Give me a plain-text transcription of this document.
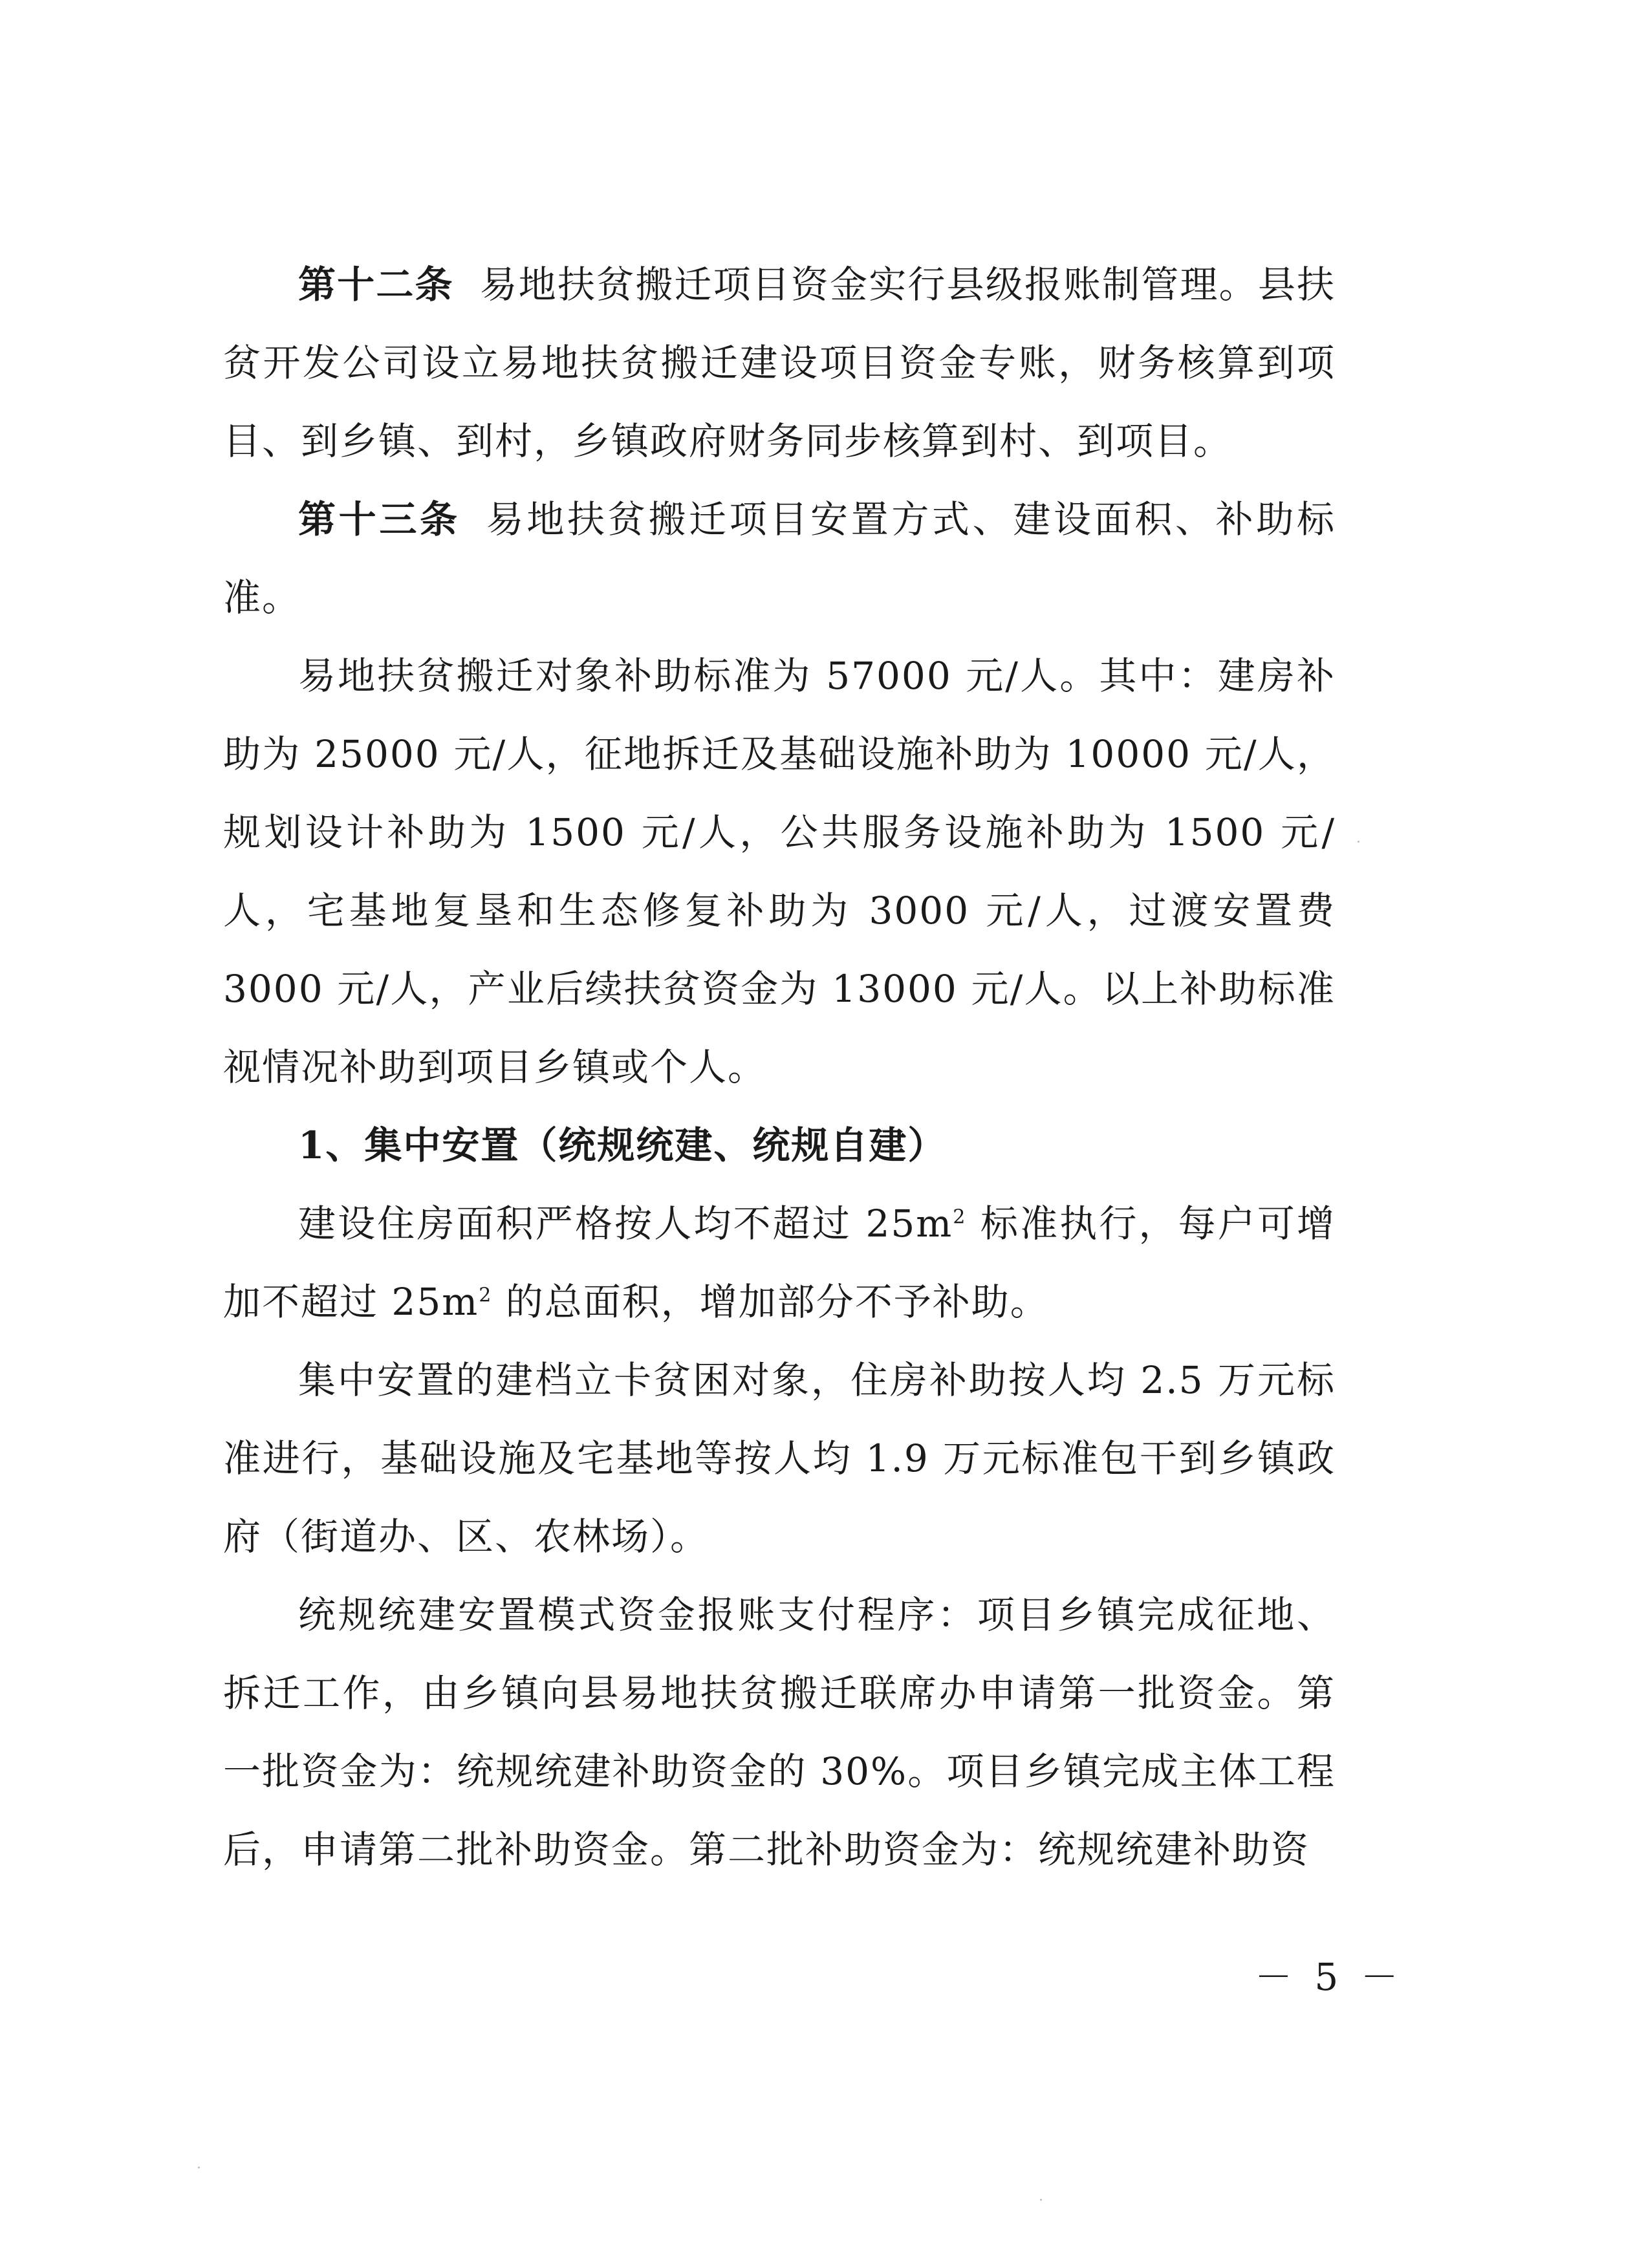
第十二条 易地扶贫搬迁项目资金实行县级报账制管理。县扶贫开发公司设立易地扶贫搬迁建设项目资金专账，财务核算到项目、到乡镇、到村，乡镇政府财务同步核算到村、到项目。

第十三条 易地扶贫搬迁项目安置方式、建设面积、补助标准。

易地扶贫搬迁对象补助标准为 57000 元/人。其中：建房补助为 25000 元/人，征地拆迁及基础设施补助为 10000 元/人，规划设计补助为 1500 元/人，公共服务设施补助为 1500 元/人，宅基地复垦和生态修复补助为 3000 元/人，过渡安置费 3000 元/人，产业后续扶贫资金为 13000 元/人。以上补助标准视情况补助到项目乡镇或个人。

1、集中安置（统规统建、统规自建）

建设住房面积严格按人均不超过 $25m^2$ 标准执行，每户可增加不超过 $25m^2$ 的总面积，增加部分不予补助。

集中安置的建档立卡贫困对象，住房补助按人均 2.5 万元标准进行，基础设施及宅基地等按人均 1.9 万元标准包干到乡镇政府（街道办、区、农林场）。

统规统建安置模式资金报账支付程序：项目乡镇完成征地、拆迁工作，由乡镇向县易地扶贫搬迁联席办申请第一批资金。第一批资金为：统规统建补助资金的 30%。项目乡镇完成主体工程后，申请第二批补助资金。第二批补助资金为：统规统建补助资

－ 5 －
